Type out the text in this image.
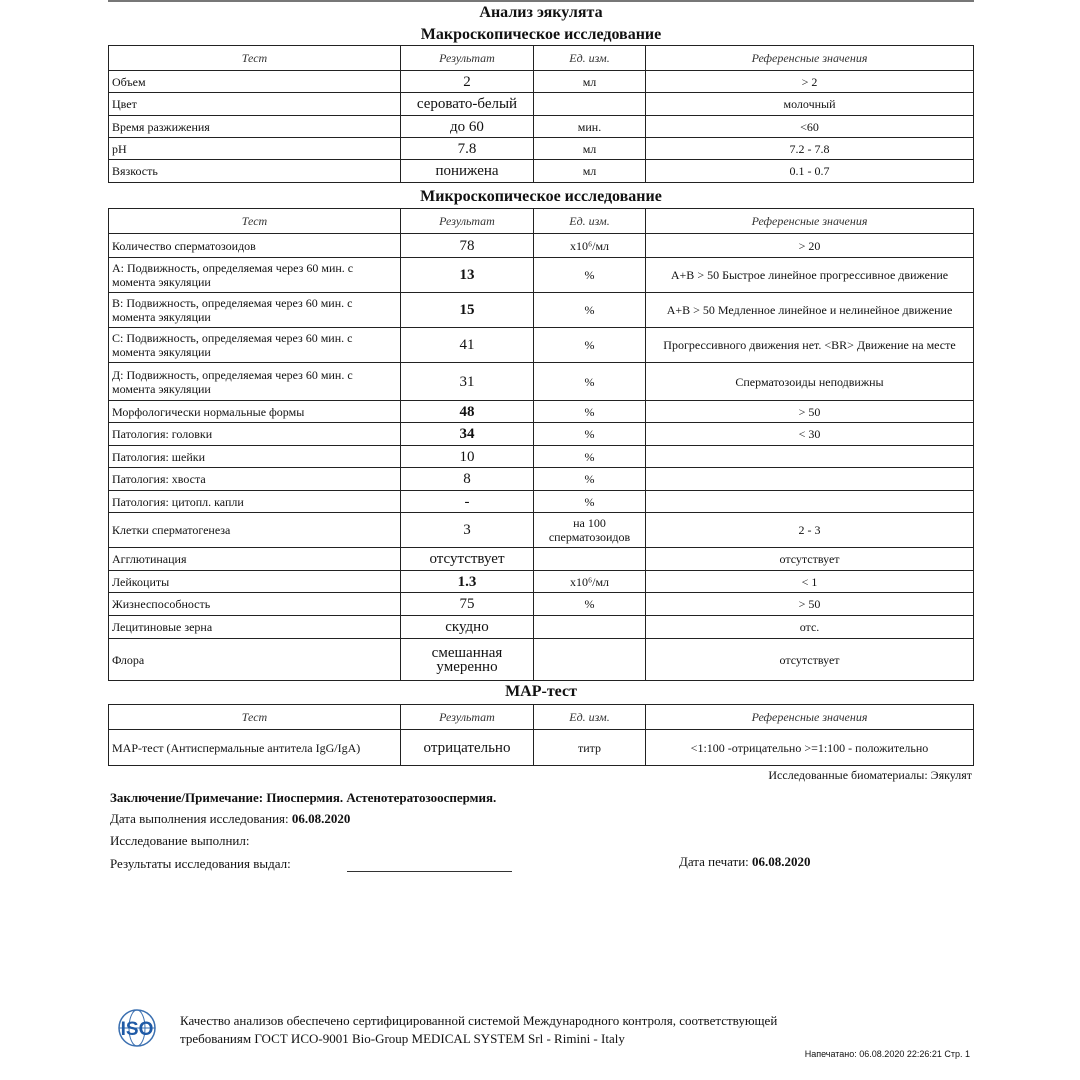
Анализ эякулята
Макроскопическое исследование
Тест	Результат	Ед. изм.	Референсные значения
Объем	2	мл	> 2
Цвет	серовато-белый		молочный
Время разжижения	до 60	мин.	<60
pH	7.8	мл	7.2 - 7.8
Вязкость	понижена	мл	0.1 - 0.7
Микроскопическое исследование
Тест	Результат	Ед. изм.	Референсные значения
Количество сперматозоидов	78	x10⁶/мл	> 20
А: Подвижность, определяемая через 60 мин. с момента эякуляции	13	%	А+В > 50 Быстрое линейное прогрессивное движение
В: Подвижность, определяемая через 60 мин. с момента эякуляции	15	%	А+В > 50 Медленное линейное и нелинейное движение
С: Подвижность, определяемая через 60 мин. с момента эякуляции	41	%	Прогрессивного движения нет. <BR> Движение на месте
Д: Подвижность, определяемая через 60 мин. с момента эякуляции	31	%	Сперматозоиды неподвижны
Морфологически нормальные формы	48	%	> 50
Патология: головки	34	%	< 30
Патология: шейки	10	%	
Патология: хвоста	8	%	
Патология: цитопл. капли	-	%	
Клетки сперматогенеза	3	на 100 сперматозоидов	2 - 3
Агглютинация	отсутствует		отсутствует
Лейкоциты	1.3	x10⁶/мл	< 1
Жизнеспособность	75	%	> 50
Лецитиновые зерна	скудно		отс.
Флора	смешанная умеренно		отсутствует
MAP-тест
Тест	Результат	Ед. изм.	Референсные значения
MAP-тест (Антиспермальные антитела IgG/IgA)	отрицательно	титр	<1:100 -отрицательно >=1:100 - положительно
Исследованные биоматериалы: Эякулят
Заключение/Примечание: Пиоспермия. Астенотератозооспермия.
Дата выполнения исследования: 06.08.2020
Исследование выполнил:
Результаты исследования выдал:	Дата печати: 06.08.2020
ISO Качество анализов обеспечено сертифицированной системой Международного контроля, соответствующей
требованиям ГОСТ ИСО-9001 Bio-Group MEDICAL SYSTEM Srl - Rimini - Italy
Напечатано: 06.08.2020 22:26:21 Стр. 1
